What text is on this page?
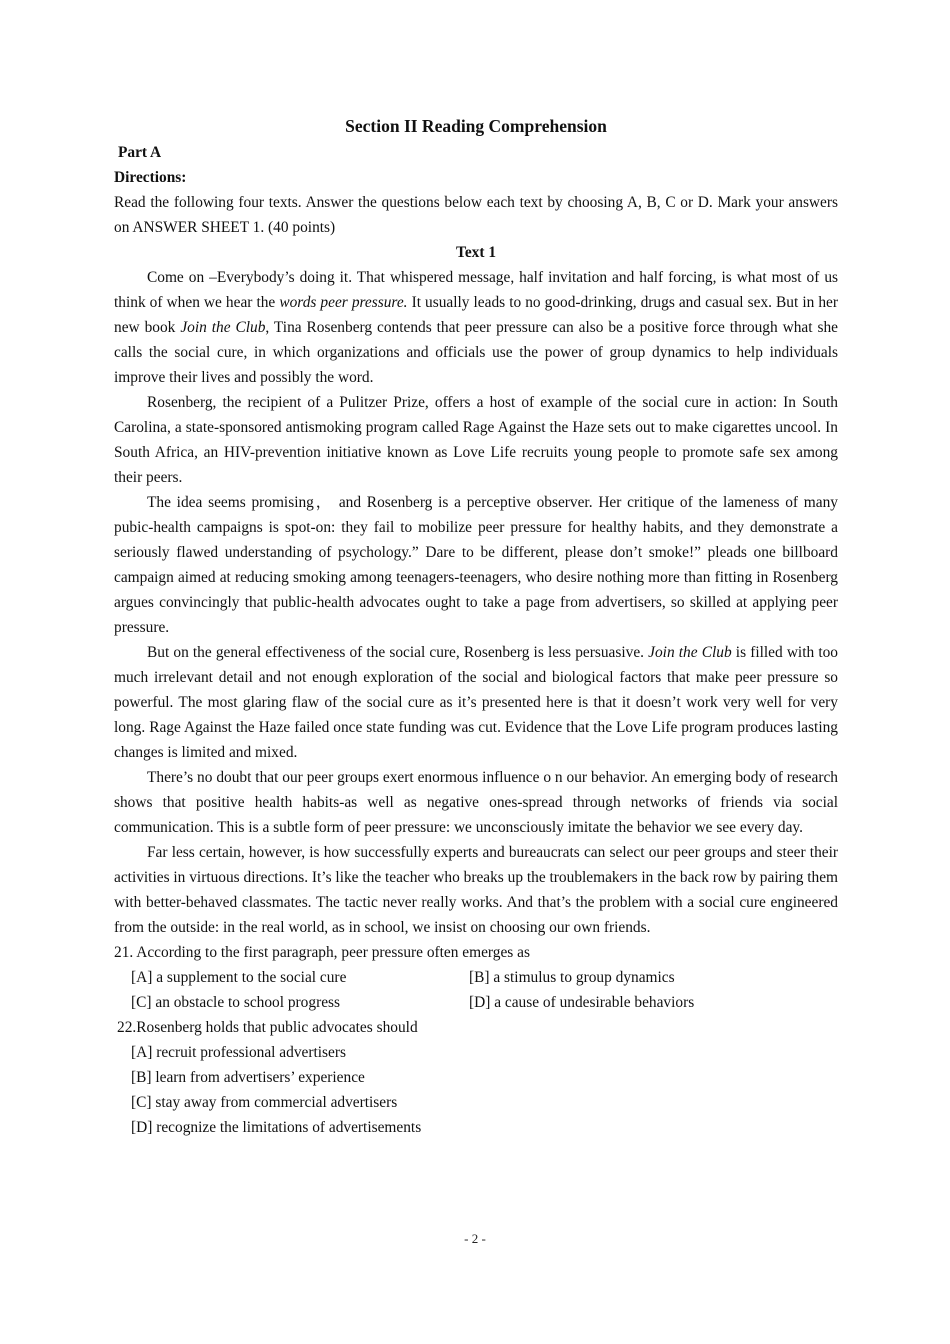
Section II Reading Comprehension

Part A

Directions:

Read the following four texts. Answer the questions below each text by choosing A, B, C or D. Mark your answers on ANSWER SHEET 1. (40 points)

Text 1

Come on –Everybody’s doing it. That whispered message, half invitation and half forcing, is what most of us think of when we hear the words peer pressure. It usually leads to no good-drinking, drugs and casual sex. But in her new book Join the Club, Tina Rosenberg contends that peer pressure can also be a positive force through what she calls the social cure, in which organizations and officials use the power of group dynamics to help individuals improve their lives and possibly the word.

Rosenberg, the recipient of a Pulitzer Prize, offers a host of example of the social cure in action: In South Carolina, a state-sponsored antismoking program called Rage Against the Haze sets out to make cigarettes uncool. In South Africa, an HIV-prevention initiative known as Love Life recruits young people to promote safe sex among their peers.

The idea seems promising， and Rosenberg is a perceptive observer. Her critique of the lameness of many pubic-health campaigns is spot-on: they fail to mobilize peer pressure for healthy habits, and they demonstrate a seriously flawed understanding of psychology.” Dare to be different, please don’t smoke!” pleads one billboard campaign aimed at reducing smoking among teenagers-teenagers, who desire nothing more than fitting in Rosenberg argues convincingly that public-health advocates ought to take a page from advertisers, so skilled at applying peer pressure.

But on the general effectiveness of the social cure, Rosenberg is less persuasive. Join the Club is filled with too much irrelevant detail and not enough exploration of the social and biological factors that make peer pressure so powerful. The most glaring flaw of the social cure as it’s presented here is that it doesn’t work very well for very long. Rage Against the Haze failed once state funding was cut. Evidence that the Love Life program produces lasting changes is limited and mixed.

There’s no doubt that our peer groups exert enormous influence o n our behavior. An emerging body of research shows that positive health habits-as well as negative ones-spread through networks of friends via social communication. This is a subtle form of peer pressure: we unconsciously imitate the behavior we see every day.

Far less certain, however, is how successfully experts and bureaucrats can select our peer groups and steer their activities in virtuous directions. It’s like the teacher who breaks up the troublemakers in the back row by pairing them with better-behaved classmates. The tactic never really works. And that’s the problem with a social cure engineered from the outside: in the real world, as in school, we insist on choosing our own friends.

21. According to the first paragraph, peer pressure often emerges as

[A] a supplement to the social cure	[B] a stimulus to group dynamics
[C] an obstacle to school progress	[D] a cause of undesirable behaviors

22.Rosenberg holds that public advocates should

[A] recruit professional advertisers
[B] learn from advertisers’ experience
[C] stay away from commercial advertisers
[D] recognize the limitations of advertisements
- 2 -
